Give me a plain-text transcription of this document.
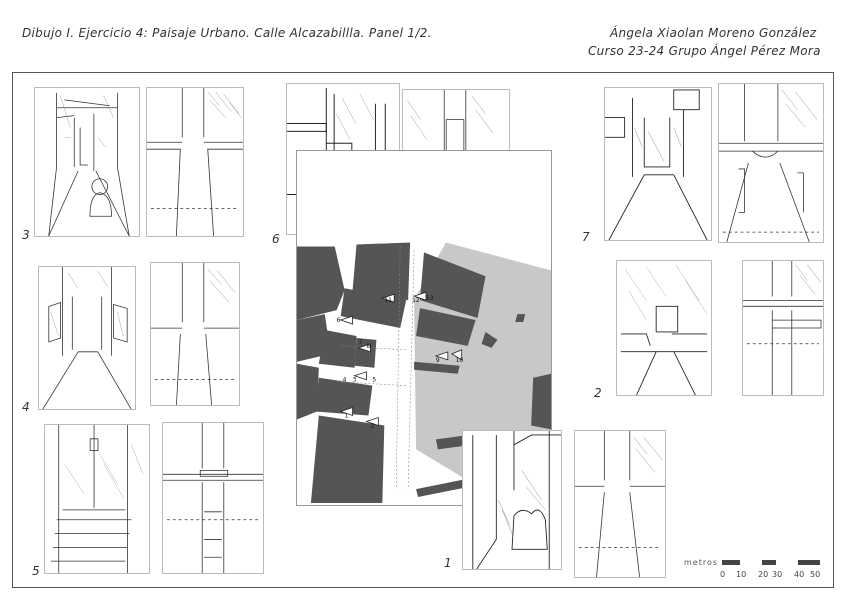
Dibujo I. Ejercicio 4: Paisaje Urbano. Calle Alcazabillla. Panel 1/2.	Ángela Xiaolan Moreno González
Curso 23-24 Grupo Ángel Pérez Mora
3
4
5
6	7
2
11	12 13
9	10
6
7
4 3	5
1
2
8
1	metros
0 10 20 30 40 50
